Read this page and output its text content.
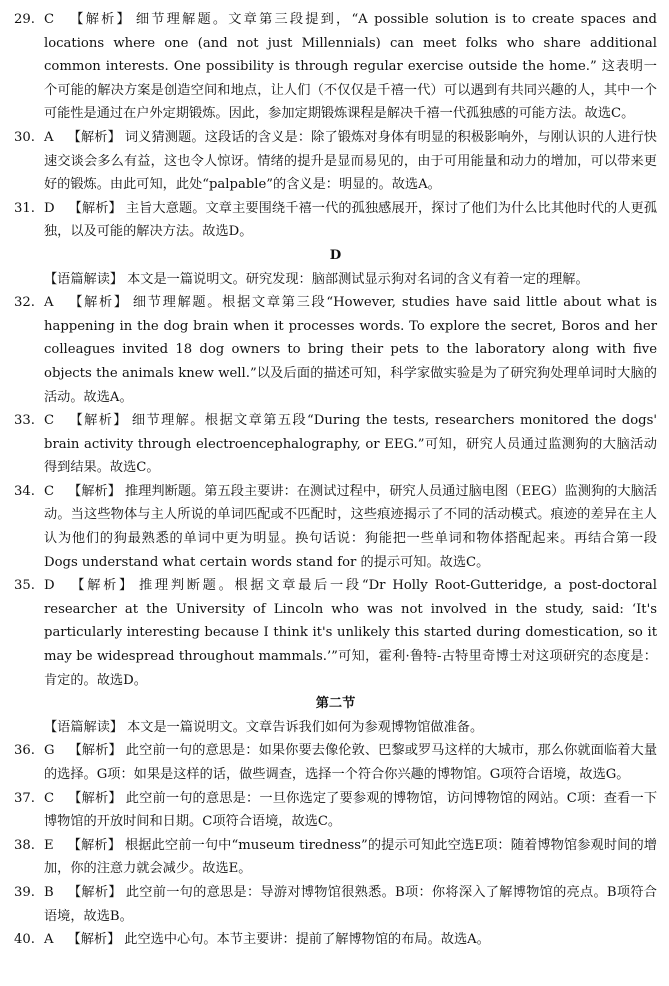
29. C 【解析】 细节理解题。文章第三段提到，“A possible solution is to create spaces and locations where one (and not just Millennials) can meet folks who share additional common interests. One possibility is through regular exercise outside the home.” 这表明一个可能的解决方案是创造空间和地点，让人们（不仅仅是千禧一代）可以遇到有共同兴趣的人，其中一个可能性是通过在户外定期锻炼。因此，参加定期锻炼课程是解决千禧一代孤独感的可能方法。故选C。
30. A 【解析】 词义猜测题。这段话的含义是：除了锻炼对身体有明显的积极影响外，与刚认识的人进行快速交谈会多么有益，这也令人惊讶。情绪的提升是显而易见的，由于可用能量和动力的增加，可以带来更好的锻炼。由此可知，此处“palpable”的含义是：明显的。故选A。
31. D 【解析】 主旨大意题。文章主要围绕千禧一代的孤独感展开，探讨了他们为什么比其他时代的人更孤独，以及可能的解决方法。故选D。
D
【语篇解读】 本文是一篇说明文。研究发现：脑部测试显示狗对名词的含义有着一定的理解。
32. A 【解析】 细节理解题。根据文章第三段“However, studies have said little about what is happening in the dog brain when it processes words. To explore the secret, Boros and her colleagues invited 18 dog owners to bring their pets to the laboratory along with five objects the animals knew well.”以及后面的描述可知，科学家做实验是为了研究狗处理单词时大脑的活动。故选A。
33. C 【解析】 细节理解。根据文章第五段“During the tests, researchers monitored the dogs' brain activity through electroencephalography, or EEG.”可知，研究人员通过监测狗的大脑活动得到结果。故选C。
34. C 【解析】 推理判断题。第五段主要讲：在测试过程中，研究人员通过脑电图（EEG）监测狗的大脑活动。当这些物体与主人所说的单词匹配或不匹配时，这些痕迹揭示了不同的活动模式。痕迹的差异在主人认为他们的狗最熟悉的单词中更为明显。换句话说：狗能把一些单词和物体搭配起来。再结合第一段 Dogs understand what certain words stand for 的提示可知。故选C。
35. D 【解析】 推理判断题。根据文章最后一段“Dr Holly Root-Gutteridge, a post-doctoral researcher at the University of Lincoln who was not involved in the study, said: ‘It's particularly interesting because I think it's unlikely this started during domestication, so it may be widespread throughout mammals.’”可知，霍利·鲁特-古特里奇博士对这项研究的态度是：肯定的。故选D。
第二节
【语篇解读】 本文是一篇说明文。文章告诉我们如何为参观博物馆做准备。
36. G 【解析】 此空前一句的意思是：如果你要去像伦敦、巴黎或罗马这样的大城市，那么你就面临着大量的选择。G项：如果是这样的话，做些调查，选择一个符合你兴趣的博物馆。G项符合语境，故选G。
37. C 【解析】 此空前一句的意思是：一旦你选定了要参观的博物馆，访问博物馆的网站。C项：查看一下博物馆的开放时间和日期。C项符合语境，故选C。
38. E 【解析】 根据此空前一句中“museum tiredness”的提示可知此空选E项：随着博物馆参观时间的增加，你的注意力就会减少。故选E。
39. B 【解析】 此空前一句的意思是：导游对博物馆很熟悉。B项：你将深入了解博物馆的亮点。B项符合语境，故选B。
40. A 【解析】 此空选中心句。本节主要讲：提前了解博物馆的布局。故选A。
